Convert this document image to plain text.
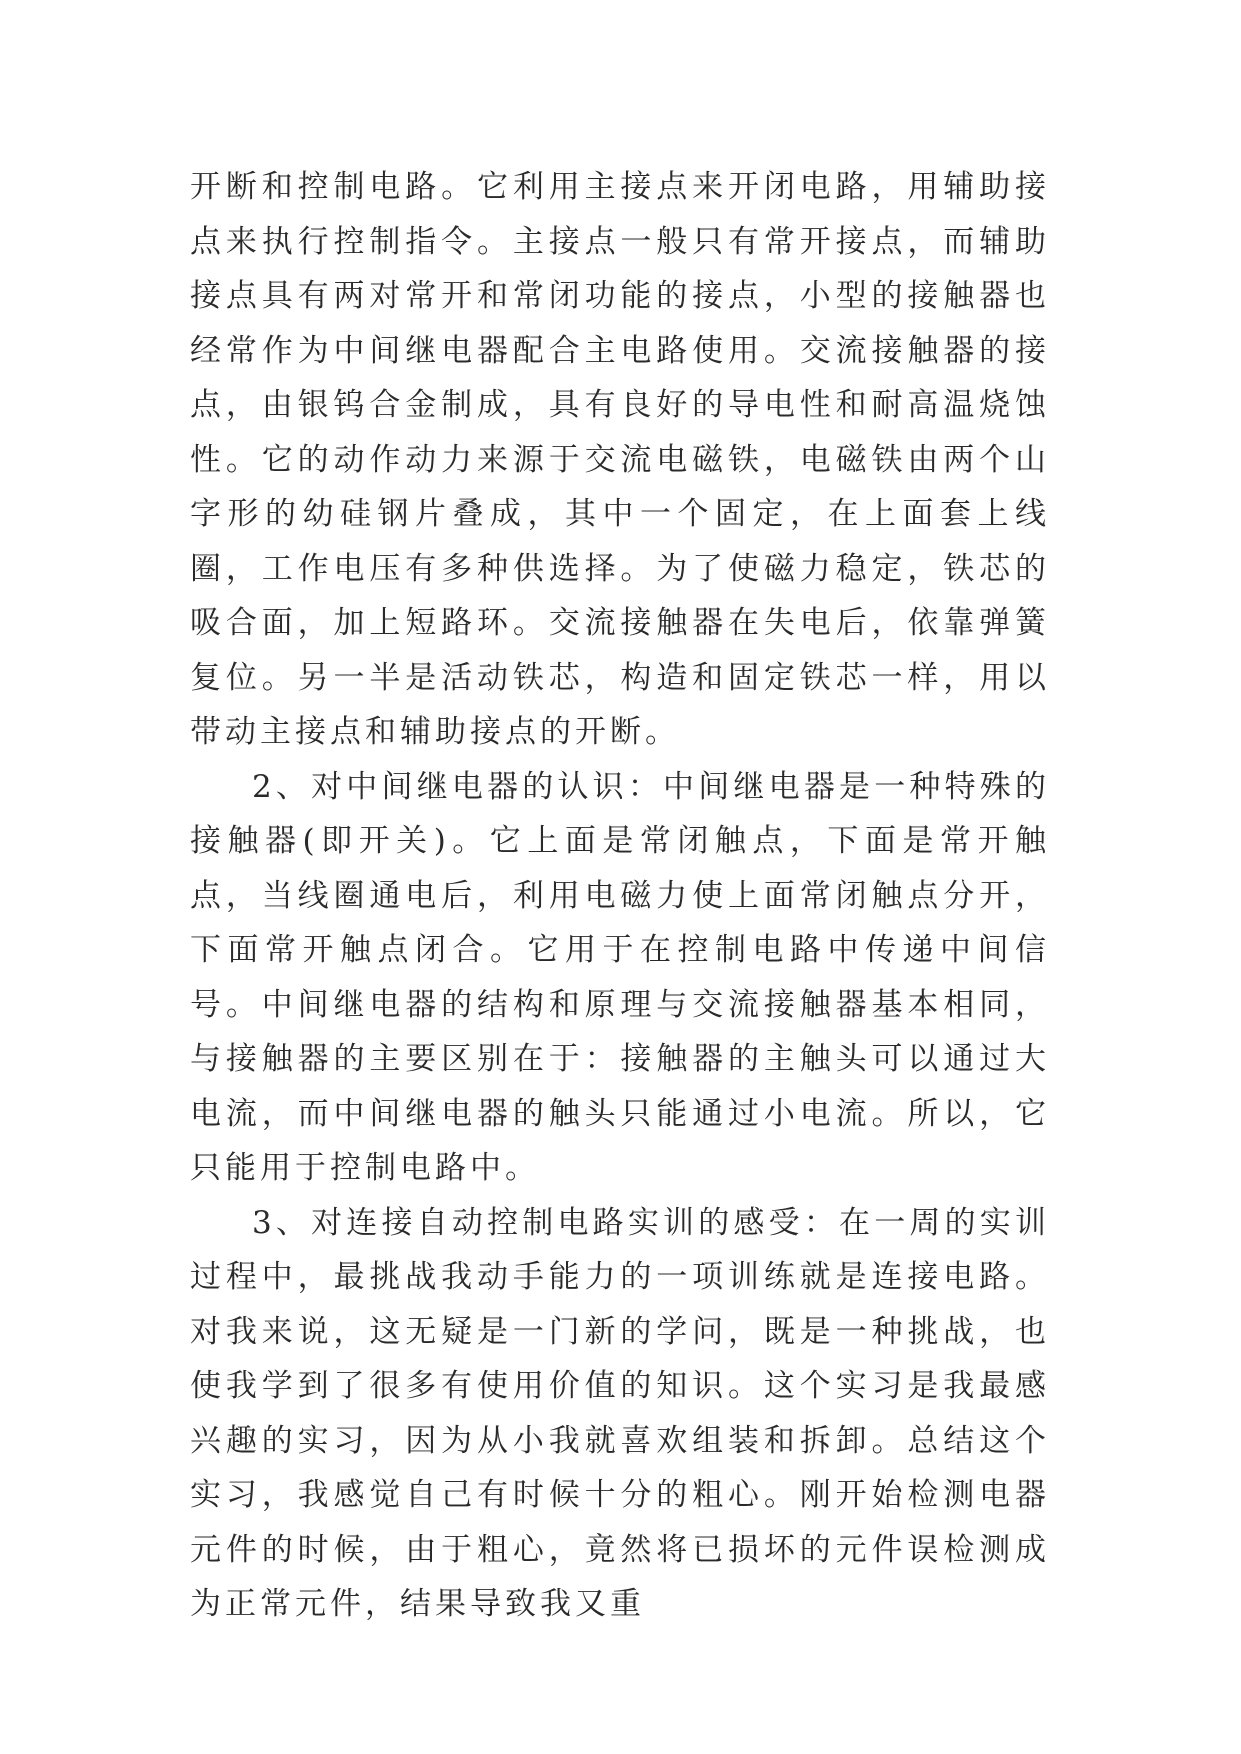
开断和控制电路。它利用主接点来开闭电路，用辅助接点来执行控制指令。主接点一般只有常开接点，而辅助接点具有两对常开和常闭功能的接点，小型的接触器也经常作为中间继电器配合主电路使用。交流接触器的接点，由银钨合金制成，具有良好的导电性和耐高温烧蚀性。它的动作动力来源于交流电磁铁，电磁铁由两个山字形的幼硅钢片叠成，其中一个固定，在上面套上线圈，工作电压有多种供选择。为了使磁力稳定，铁芯的吸合面，加上短路环。交流接触器在失电后，依靠弹簧复位。另一半是活动铁芯，构造和固定铁芯一样，用以带动主接点和辅助接点的开断。

2、对中间继电器的认识：中间继电器是一种特殊的接触器(即开关)。它上面是常闭触点，下面是常开触点，当线圈通电后，利用电磁力使上面常闭触点分开，下面常开触点闭合。它用于在控制电路中传递中间信号。中间继电器的结构和原理与交流接触器基本相同，与接触器的主要区别在于：接触器的主触头可以通过大电流，而中间继电器的触头只能通过小电流。所以，它只能用于控制电路中。

3、对连接自动控制电路实训的感受：在一周的实训过程中，最挑战我动手能力的一项训练就是连接电路。对我来说，这无疑是一门新的学问，既是一种挑战，也使我学到了很多有使用价值的知识。这个实习是我最感兴趣的实习，因为从小我就喜欢组装和拆卸。总结这个实习，我感觉自己有时候十分的粗心。刚开始检测电器元件的时候，由于粗心，竟然将已损坏的元件误检测成为正常元件，结果导致我又重
